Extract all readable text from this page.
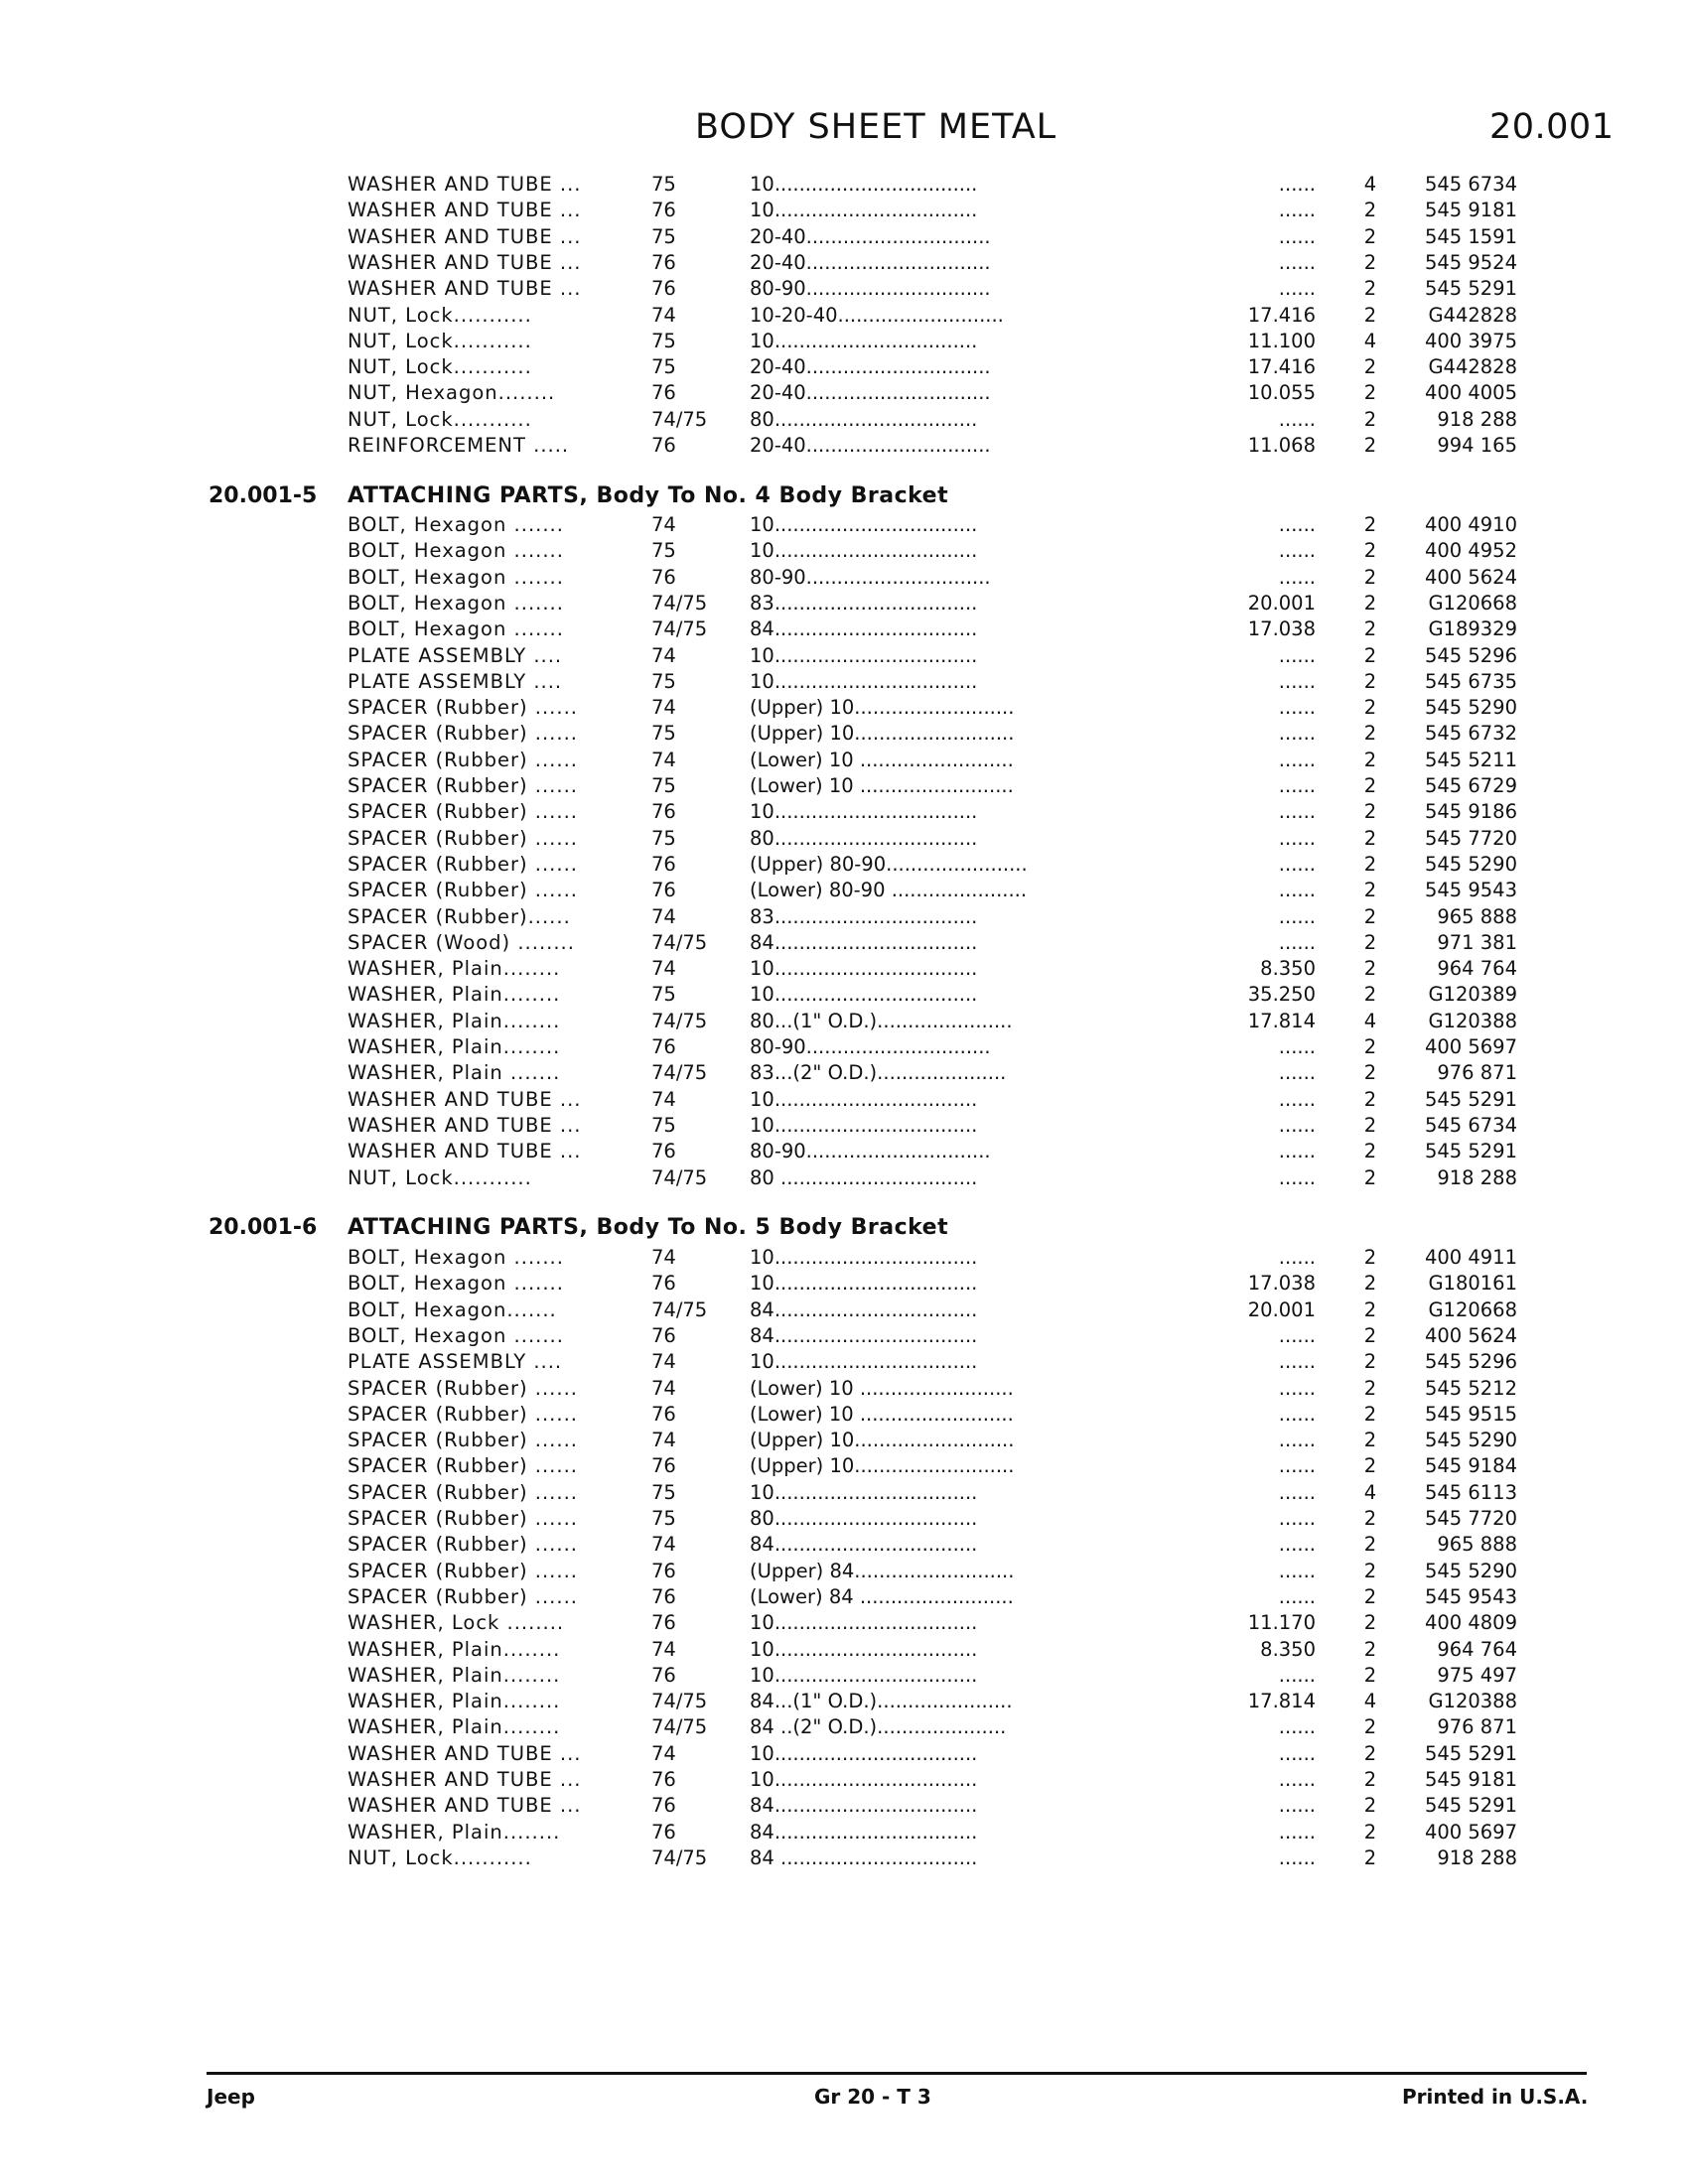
BODY SHEET METAL	20.001
WASHER AND TUBE ...	75	10.................................	......	4	545 6734
WASHER AND TUBE ...	76	10.................................	......	2	545 9181
WASHER AND TUBE ...	75	20-40..............................	......	2	545 1591
WASHER AND TUBE ...	76	20-40..............................	......	2	545 9524
WASHER AND TUBE ...	76	80-90..............................	......	2	545 5291
NUT, Lock...........	74	10-20-40...........................	17.416	2	G442828
NUT, Lock...........	75	10.................................	11.100	4	400 3975
NUT, Lock...........	75	20-40..............................	17.416	2	G442828
NUT, Hexagon........	76	20-40..............................	10.055	2	400 4005
NUT, Lock...........	74/75	80.................................	......	2	918 288
REINFORCEMENT .....	76	20-40..............................	11.068	2	994 165
20.001-5 ATTACHING PARTS, Body To No. 4 Body Bracket
BOLT, Hexagon .......	74	10.................................	......	2	400 4910
BOLT, Hexagon .......	75	10.................................	......	2	400 4952
BOLT, Hexagon .......	76	80-90..............................	......	2	400 5624
BOLT, Hexagon .......	74/75	83.................................	20.001	2	G120668
BOLT, Hexagon .......	74/75	84.................................	17.038	2	G189329
PLATE ASSEMBLY ....	74	10.................................	......	2	545 5296
PLATE ASSEMBLY ....	75	10.................................	......	2	545 6735
SPACER (Rubber) ......	74	(Upper) 10..........................	......	2	545 5290
SPACER (Rubber) ......	75	(Upper) 10..........................	......	2	545 6732
SPACER (Rubber) ......	74	(Lower) 10 .........................	......	2	545 5211
SPACER (Rubber) ......	75	(Lower) 10 .........................	......	2	545 6729
SPACER (Rubber) ......	76	10.................................	......	2	545 9186
SPACER (Rubber) ......	75	80.................................	......	2	545 7720
SPACER (Rubber) ......	76	(Upper) 80-90.......................	......	2	545 5290
SPACER (Rubber) ......	76	(Lower) 80-90 ......................	......	2	545 9543
SPACER (Rubber)......	74	83.................................	......	2	965 888
SPACER (Wood) ........	74/75	84.................................	......	2	971 381
WASHER, Plain........	74	10.................................	8.350	2	964 764
WASHER, Plain........	75	10.................................	35.250	2	G120389
WASHER, Plain........	74/75	80...(1" O.D.)......................	17.814	4	G120388
WASHER, Plain........	76	80-90..............................	......	2	400 5697
WASHER, Plain .......	74/75	83...(2" O.D.).....................	......	2	976 871
WASHER AND TUBE ...	74	10.................................	......	2	545 5291
WASHER AND TUBE ...	75	10.................................	......	2	545 6734
WASHER AND TUBE ...	76	80-90..............................	......	2	545 5291
NUT, Lock...........	74/75	80 ................................	......	2	918 288
20.001-6 ATTACHING PARTS, Body To No. 5 Body Bracket
BOLT, Hexagon .......	74	10.................................	......	2	400 4911
BOLT, Hexagon .......	76	10.................................	17.038	2	G180161
BOLT, Hexagon.......	74/75	84.................................	20.001	2	G120668
BOLT, Hexagon .......	76	84.................................	......	2	400 5624
PLATE ASSEMBLY ....	74	10.................................	......	2	545 5296
SPACER (Rubber) ......	74	(Lower) 10 .........................	......	2	545 5212
SPACER (Rubber) ......	76	(Lower) 10 .........................	......	2	545 9515
SPACER (Rubber) ......	74	(Upper) 10..........................	......	2	545 5290
SPACER (Rubber) ......	76	(Upper) 10..........................	......	2	545 9184
SPACER (Rubber) ......	75	10.................................	......	4	545 6113
SPACER (Rubber) ......	75	80.................................	......	2	545 7720
SPACER (Rubber) ......	74	84.................................	......	2	965 888
SPACER (Rubber) ......	76	(Upper) 84..........................	......	2	545 5290
SPACER (Rubber) ......	76	(Lower) 84 .........................	......	2	545 9543
WASHER, Lock ........	76	10.................................	11.170	2	400 4809
WASHER, Plain........	74	10.................................	8.350	2	964 764
WASHER, Plain........	76	10.................................	......	2	975 497
WASHER, Plain........	74/75	84...(1" O.D.)......................	17.814	4	G120388
WASHER, Plain........	74/75	84 ..(2" O.D.).....................	......	2	976 871
WASHER AND TUBE ...	74	10.................................	......	2	545 5291
WASHER AND TUBE ...	76	10.................................	......	2	545 9181
WASHER AND TUBE ...	76	84.................................	......	2	545 5291
WASHER, Plain........	76	84.................................	......	2	400 5697
NUT, Lock...........	74/75	84 ................................	......	2	918 288
Jeep	Gr 20 - T 3	Printed in U.S.A.
